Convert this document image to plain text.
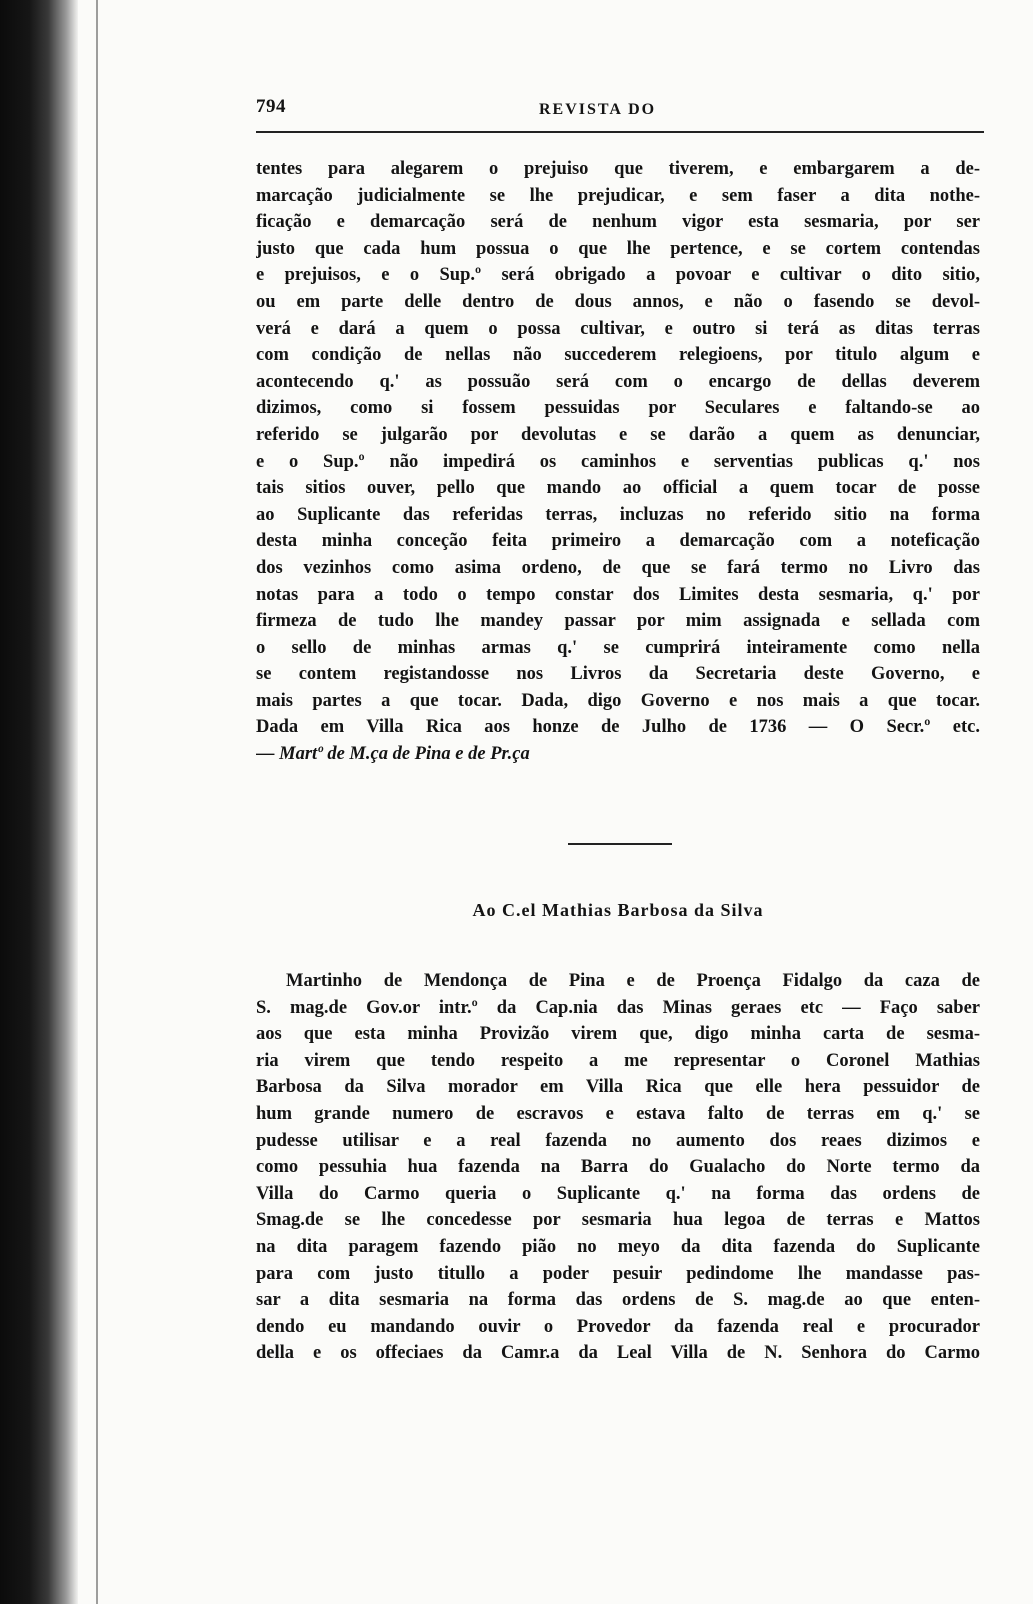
794	REVISTA DO
tentes para alegarem o prejuiso que tiverem, e embargarem a de-
marcação judicialmente se lhe prejudicar, e sem faser a dita nothe-
ficação e demarcação será de nenhum vigor esta sesmaria, por ser
justo que cada hum possua o que lhe pertence, e se cortem contendas
e prejuisos, e o Sup.º será obrigado a povoar e cultivar o dito sitio,
ou em parte delle dentro de dous annos, e não o fasendo se devol-
verá e dará a quem o possa cultivar, e outro si terá as ditas terras
com condição de nellas não succederem relegioens, por titulo algum e
acontecendo q.' as possuão será com o encargo de dellas deverem
dizimos, como si fossem pessuidas por Seculares e faltando-se ao
referido se julgarão por devolutas e se darão a quem as denunciar,
e o Sup.º não impedirá os caminhos e serventias publicas q.' nos
tais sitios ouver, pello que mando ao official a quem tocar de posse
ao Suplicante das referidas terras, incluzas no referido sitio na forma
desta minha conceção feita primeiro a demarcação com a noteficação
dos vezinhos como asima ordeno, de que se fará termo no Livro das
notas para a todo o tempo constar dos Limites desta sesmaria, q.' por
firmeza de tudo lhe mandey passar por mim assignada e sellada com
o sello de minhas armas q.' se cumprirá inteiramente como nella
se contem registandosse nos Livros da Secretaria deste Governo, e
mais partes a que tocar. Dada, digo Governo e nos mais a que tocar.
Dada em Villa Rica aos honze de Julho de 1736 — O Secr.º etc.
— Martº de M.ça de Pina e de Pr.ça
Ao C.el Mathias Barbosa da Silva
Martinho de Mendonça de Pina e de Proença Fidalgo da caza de
S. mag.de Gov.or intr.º da Cap.nia das Minas geraes etc — Faço saber
aos que esta minha Provizão virem que, digo minha carta de sesma-
ria virem que tendo respeito a me representar o Coronel Mathias
Barbosa da Silva morador em Villa Rica que elle hera pessuidor de
hum grande numero de escravos e estava falto de terras em q.' se
pudesse utilisar e a real fazenda no aumento dos reaes dizimos e
como pessuhia hua fazenda na Barra do Gualacho do Norte termo da
Villa do Carmo queria o Suplicante q.' na forma das ordens de
Smag.de se lhe concedesse por sesmaria hua legoa de terras e Mattos
na dita paragem fazendo pião no meyo da dita fazenda do Suplicante
para com justo titullo a poder pesuir pedindome lhe mandasse pas-
sar a dita sesmaria na forma das ordens de S. mag.de ao que enten-
dendo eu mandando ouvir o Provedor da fazenda real e procurador
della e os offeciaes da Camr.a da Leal Villa de N. Senhora do Carmo
